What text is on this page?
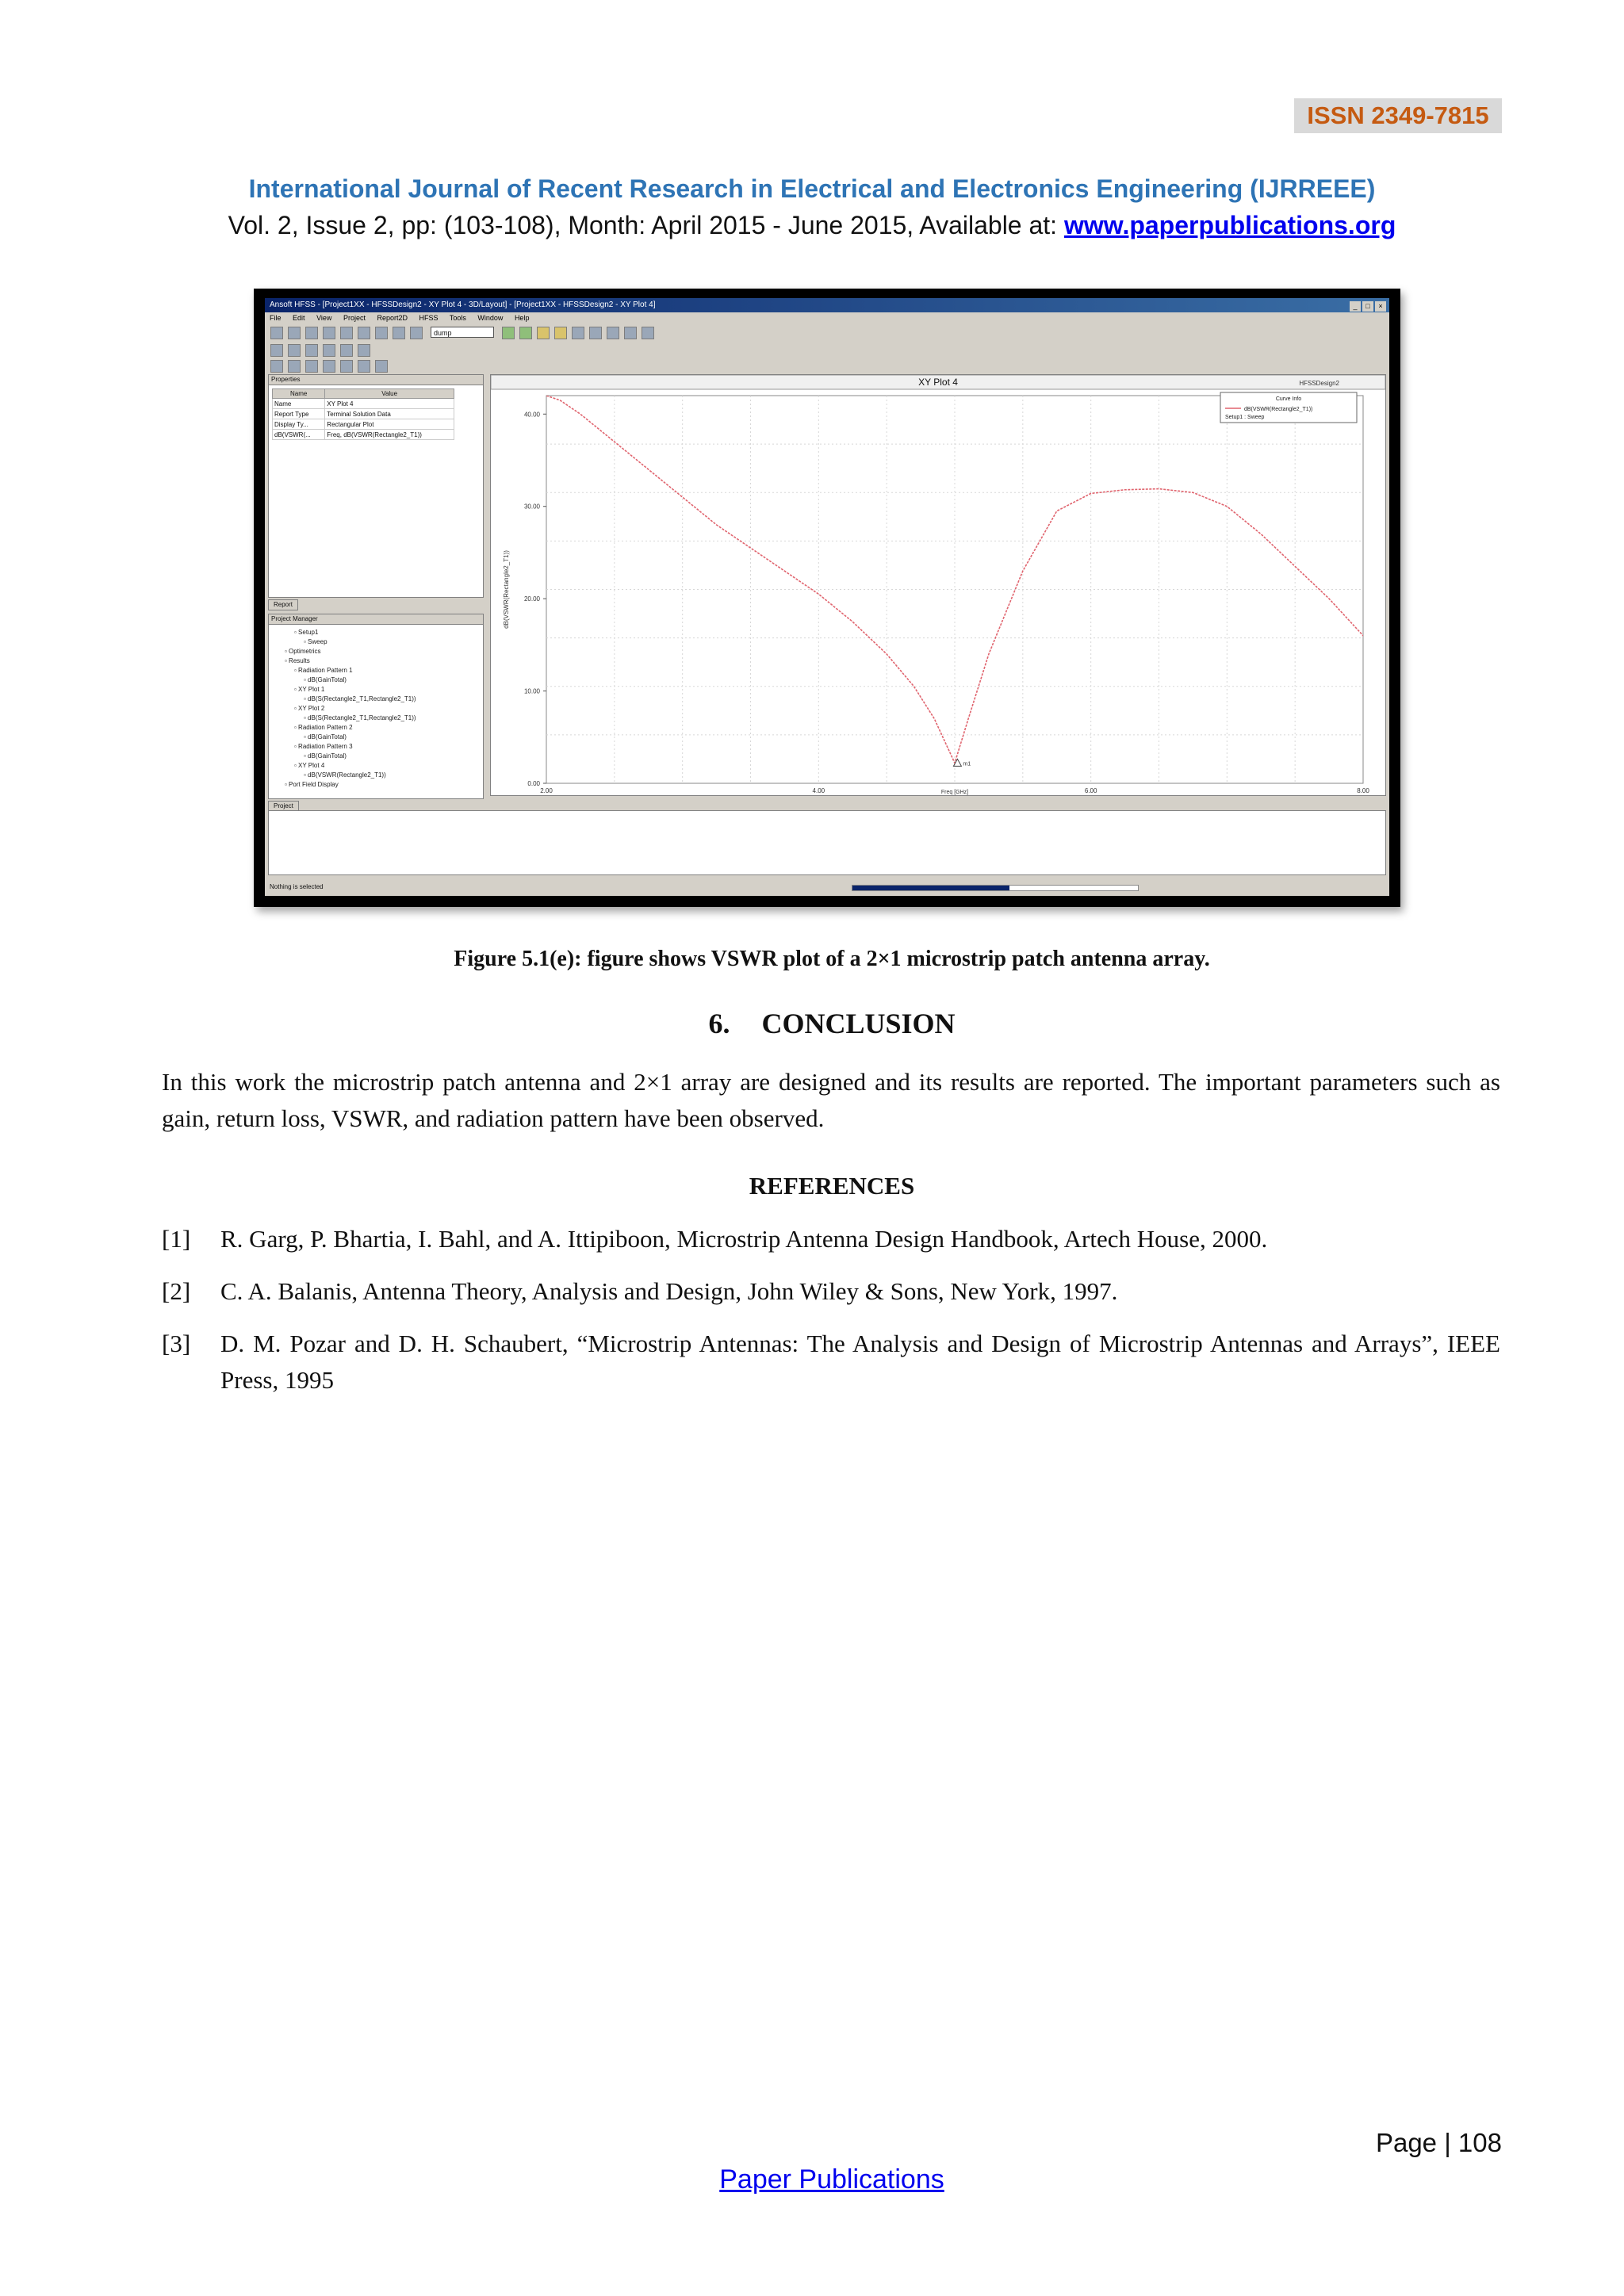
ISSN 2349-7815
International Journal of Recent Research in Electrical and Electronics Engineering (IJRREEE)
Vol. 2, Issue 2, pp: (103-108), Month: April 2015 - June 2015, Available at: www.paperpublications.org
Ansoft HFSS - [Project1XX - HFSSDesign2 - XY Plot 4 - 3D/Layout] - [Project1XX - HFSSDesign2 - XY Plot 4]	_ □ ×
File Edit View Project Report2D HFSS Tools Window Help
dump
Properties
Name	Value
Name	XY Plot 4
Report Type	Terminal Solution Data
Display Ty...	Rectangular Plot
dB(VSWR(...	Freq, dB(VSWR(Rectangle2_T1))
Report
Project Manager
▫ Setup1
▫ Sweep
▫ Optimetrics
▫ Results
▫ Radiation Pattern 1
▫ dB(GainTotal)
▫ XY Plot 1
▫ dB(S(Rectangle2_T1,Rectangle2_T1))
▫ XY Plot 2
▫ dB(S(Rectangle2_T1,Rectangle2_T1))
▫ Radiation Pattern 2
▫ dB(GainTotal)
▫ Radiation Pattern 3
▫ dB(GainTotal)
▫ XY Plot 4
▫ dB(VSWR(Rectangle2_T1))
▫ Port Field Display
Project
XY Plot 4	HFSSDesign2
0.00
10.00
20.00
30.00
40.00
2.00	4.00	6.00	8.00
Freq [GHz]
dB(VSWR(Rectangle2_T1))
m1
Curve Info
dB(VSWR(Rectangle2_T1))
Setup1 : Sweep
Nothing is selected
Figure 5.1(e): figure shows VSWR plot of a 2×1 microstrip patch antenna array.
6. CONCLUSION
In this work the microstrip patch antenna and 2×1 array are designed and its results are reported. The important parameters such as gain, return loss, VSWR, and radiation pattern have been observed.
REFERENCES
[1] R. Garg, P. Bhartia, I. Bahl, and A. Ittipiboon, Microstrip Antenna Design Handbook, Artech House, 2000.
[2] C. A. Balanis, Antenna Theory, Analysis and Design, John Wiley & Sons, New York, 1997.
[3] D. M. Pozar and D. H. Schaubert, “Microstrip Antennas: The Analysis and Design of Microstrip Antennas and Arrays”, IEEE Press, 1995
Page | 108
Paper Publications
